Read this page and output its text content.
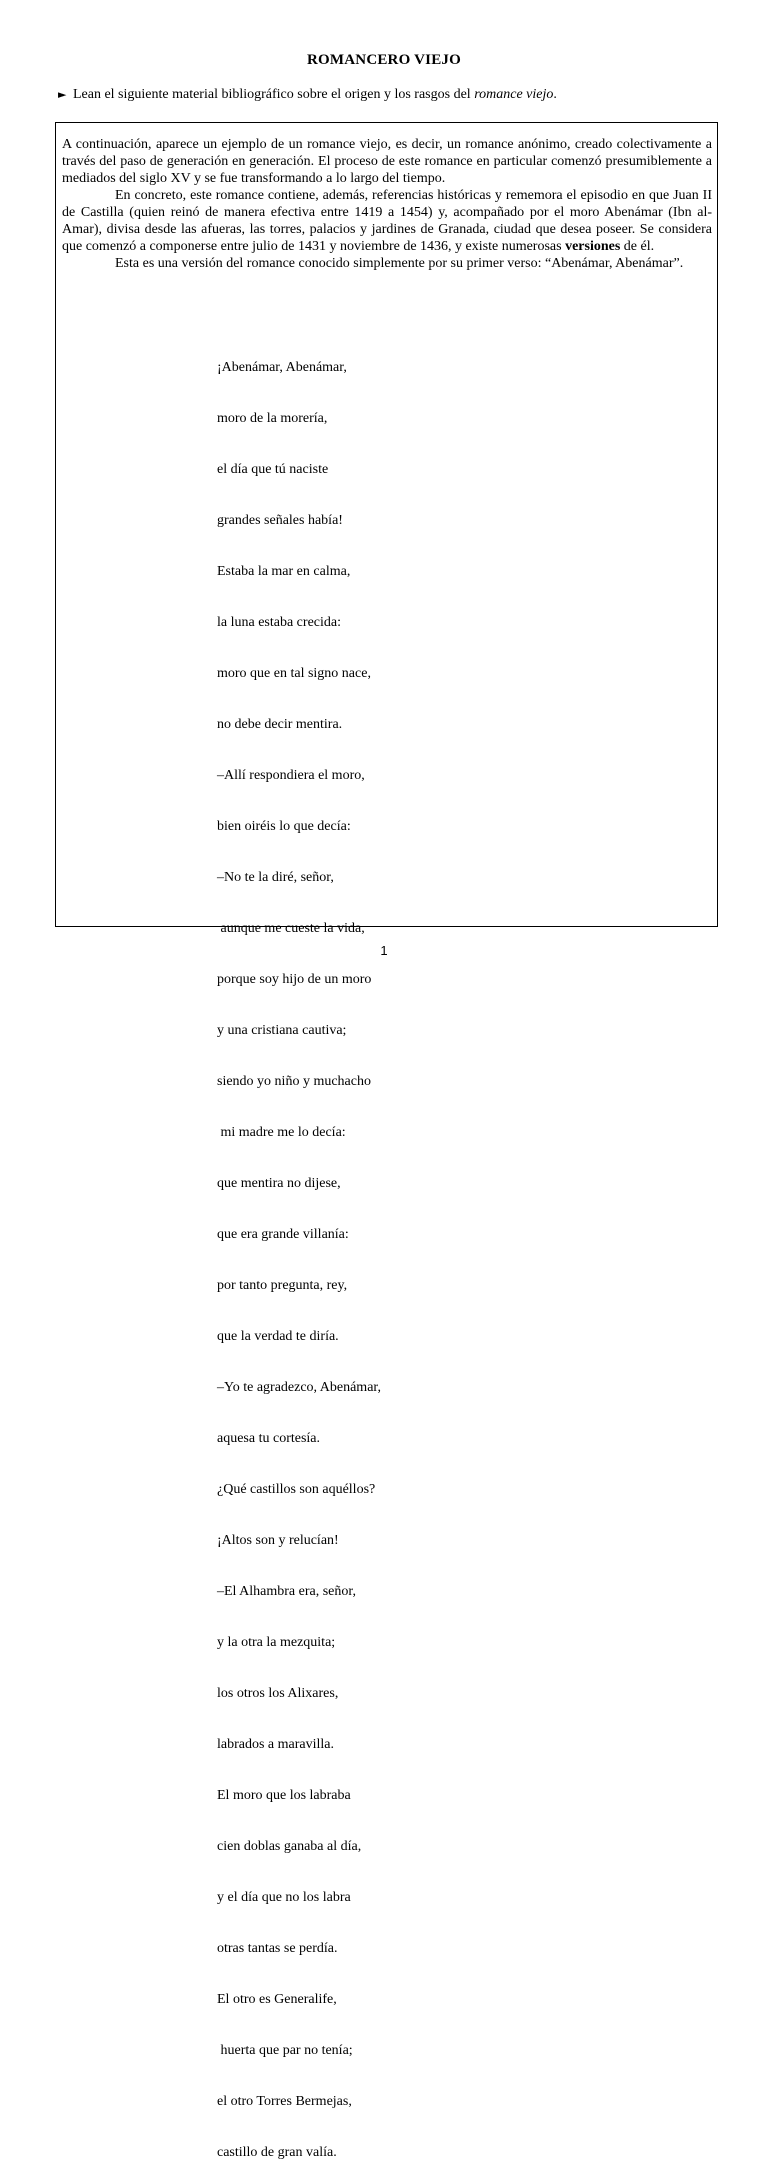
ROMANCERO VIEJO
► Lean el siguiente material bibliográfico sobre el origen y los rasgos del romance viejo.

A continuación, aparece un ejemplo de un romance viejo, es decir, un romance anónimo, creado colectivamente a través del paso de generación en generación. El proceso de este romance en particular comenzó presumiblemente a mediados del siglo XV y se fue transformando a lo largo del tiempo.

En concreto, este romance contiene, además, referencias históricas y rememora el episodio en que Juan II de Castilla (quien reinó de manera efectiva entre 1419 a 1454) y, acompañado por el moro Abenámar (Ibn al-Amar), divisa desde las afueras, las torres, palacios y jardines de Granada, ciudad que desea poseer. Se considera que comenzó a componerse entre julio de 1431 y noviembre de 1436, y existe numerosas versiones de él.

Esta es una versión del romance conocido simplemente por su primer verso: “Abenámar, Abenámar”.

¡Abenámar, Abenámar,

moro de la morería,

el día que tú naciste

grandes señales había!

Estaba la mar en calma,

la luna estaba crecida:

moro que en tal signo nace,

no debe decir mentira.

–Allí respondiera el moro,

bien oiréis lo que decía:

–No te la diré, señor,

aunque me cueste la vida,

porque soy hijo de un moro

y una cristiana cautiva;

siendo yo niño y muchacho

mi madre me lo decía:

que mentira no dijese,

que era grande villanía:

por tanto pregunta, rey,

que la verdad te diría.

–Yo te agradezco, Abenámar,

aquesa tu cortesía.

¿Qué castillos son aquéllos?

¡Altos son y relucían!

–El Alhambra era, señor,

y la otra la mezquita;

los otros los Alixares,

labrados a maravilla.

El moro que los labraba

cien doblas ganaba al día,

y el día que no los labra

otras tantas se perdía.

El otro es Generalife,

huerta que par no tenía;

el otro Torres Bermejas,

castillo de gran valía.

1
